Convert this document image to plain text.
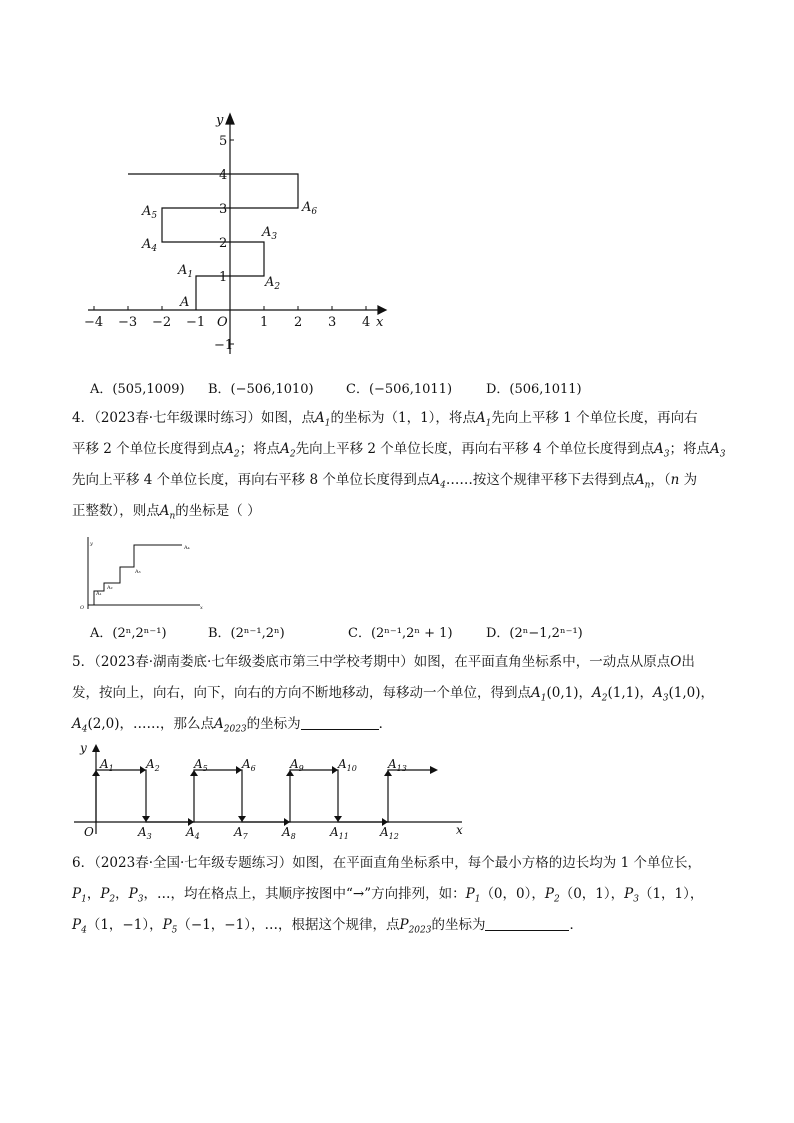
y
x
O
−4 −3 −2 −1	1 2 3 4
5
4
3
2
1
−1
A
$A_1$	$A_2$
$A_3$
$A_4$
$A_5$
$A_6$
A．(505,1009) B．(−506,1010) C．(−506,1011)	D．(506,1011)
4．（2023春·七年级课时练习）如图，点$A_1$的坐标为（1，1），将点$A_1$先向上平移 1 个单位长度，再向右
平移 2 个单位长度得到点$A_2$；将点$A_2$先向上平移 2 个单位长度，再向右平移 4 个单位长度得到点$A_3$；将点$A_3$
先向上平移 4 个单位长度，再向右平移 8 个单位长度得到点$A_4\dots\dots$按这个规律平移下去得到点$A_n$，（n 为
正整数），则点$A_n$的坐标是（ ）
y
x
O
A₁
A₂
A₃
A₄
A．(2ⁿ,2ⁿ⁻¹)	B．(2ⁿ⁻¹,2ⁿ)	C．(2ⁿ⁻¹,2ⁿ + 1)	D．(2ⁿ−1,2ⁿ⁻¹)
5．（2023春·湖南娄底·七年级娄底市第三中学校考期中）如图，在平面直角坐标系中，一动点从原点O出
发，按向上，向右，向下，向右的方向不断地移动，每移动一个单位，得到点$A_1(0,1)$，$A_2(1,1)$，$A_3(1,0)$，
$A_4(2,0)$，……，那么点$A_{2023}$的坐标为	．
y
x
O
$A_1$	$A_2$	$A_5$	$A_6$	$A_9$	$A_{10}$	$A_{13}$
$A_3$	$A_4$	$A_7$	$A_8$	$A_{11}$	$A_{12}$
6．（2023春·全国·七年级专题练习）如图，在平面直角坐标系中，每个最小方格的边长均为 1 个单位长，
$P_1$，$P_2$，$P_3$，…，均在格点上，其顺序按图中“→”方向排列，如：$P_1(0$，0），$P_2(0$，1），$P_3(1$，1），
$P_4(1$，−1），$P_5(-1$，−1），…，根据这个规律，点$P_{2023}$的坐标为	．
